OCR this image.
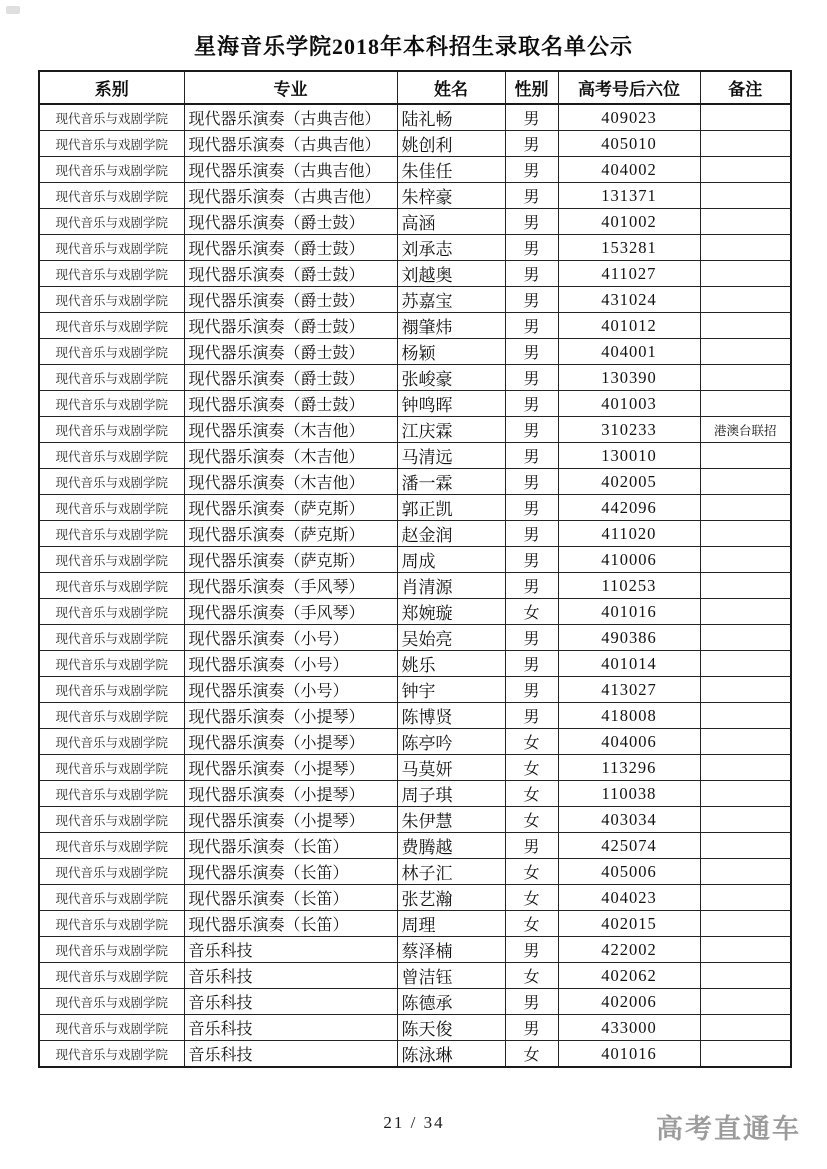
星海音乐学院2018年本科招生录取名单公示
系别	专业	姓名	性别	高考号后六位	备注
现代音乐与戏剧学院	现代器乐演奏（古典吉他）	陆礼畅	男	409023	
现代音乐与戏剧学院	现代器乐演奏（古典吉他）	姚创利	男	405010	
现代音乐与戏剧学院	现代器乐演奏（古典吉他）	朱佳任	男	404002	
现代音乐与戏剧学院	现代器乐演奏（古典吉他）	朱梓豪	男	131371	
现代音乐与戏剧学院	现代器乐演奏（爵士鼓）	高涵	男	401002	
现代音乐与戏剧学院	现代器乐演奏（爵士鼓）	刘承志	男	153281	
现代音乐与戏剧学院	现代器乐演奏（爵士鼓）	刘越奥	男	411027	
现代音乐与戏剧学院	现代器乐演奏（爵士鼓）	苏嘉宝	男	431024	
现代音乐与戏剧学院	现代器乐演奏（爵士鼓）	禤肇炜	男	401012	
现代音乐与戏剧学院	现代器乐演奏（爵士鼓）	杨颖	男	404001	
现代音乐与戏剧学院	现代器乐演奏（爵士鼓）	张峻豪	男	130390	
现代音乐与戏剧学院	现代器乐演奏（爵士鼓）	钟鸣晖	男	401003	
现代音乐与戏剧学院	现代器乐演奏（木吉他）	江庆霖	男	310233	港澳台联招
现代音乐与戏剧学院	现代器乐演奏（木吉他）	马清远	男	130010	
现代音乐与戏剧学院	现代器乐演奏（木吉他）	潘一霖	男	402005	
现代音乐与戏剧学院	现代器乐演奏（萨克斯）	郭正凯	男	442096	
现代音乐与戏剧学院	现代器乐演奏（萨克斯）	赵金润	男	411020	
现代音乐与戏剧学院	现代器乐演奏（萨克斯）	周成	男	410006	
现代音乐与戏剧学院	现代器乐演奏（手风琴）	肖清源	男	110253	
现代音乐与戏剧学院	现代器乐演奏（手风琴）	郑婉璇	女	401016	
现代音乐与戏剧学院	现代器乐演奏（小号）	吴始亮	男	490386	
现代音乐与戏剧学院	现代器乐演奏（小号）	姚乐	男	401014	
现代音乐与戏剧学院	现代器乐演奏（小号）	钟宇	男	413027	
现代音乐与戏剧学院	现代器乐演奏（小提琴）	陈博贤	男	418008	
现代音乐与戏剧学院	现代器乐演奏（小提琴）	陈亭吟	女	404006	
现代音乐与戏剧学院	现代器乐演奏（小提琴）	马莫妍	女	113296	
现代音乐与戏剧学院	现代器乐演奏（小提琴）	周子琪	女	110038	
现代音乐与戏剧学院	现代器乐演奏（小提琴）	朱伊慧	女	403034	
现代音乐与戏剧学院	现代器乐演奏（长笛）	费腾越	男	425074	
现代音乐与戏剧学院	现代器乐演奏（长笛）	林子汇	女	405006	
现代音乐与戏剧学院	现代器乐演奏（长笛）	张艺瀚	女	404023	
现代音乐与戏剧学院	现代器乐演奏（长笛）	周理	女	402015	
现代音乐与戏剧学院	音乐科技	蔡泽楠	男	422002	
现代音乐与戏剧学院	音乐科技	曾洁钰	女	402062	
现代音乐与戏剧学院	音乐科技	陈德承	男	402006	
现代音乐与戏剧学院	音乐科技	陈天俊	男	433000	
现代音乐与戏剧学院	音乐科技	陈泳琳	女	401016	
21 / 34	高考直通车
